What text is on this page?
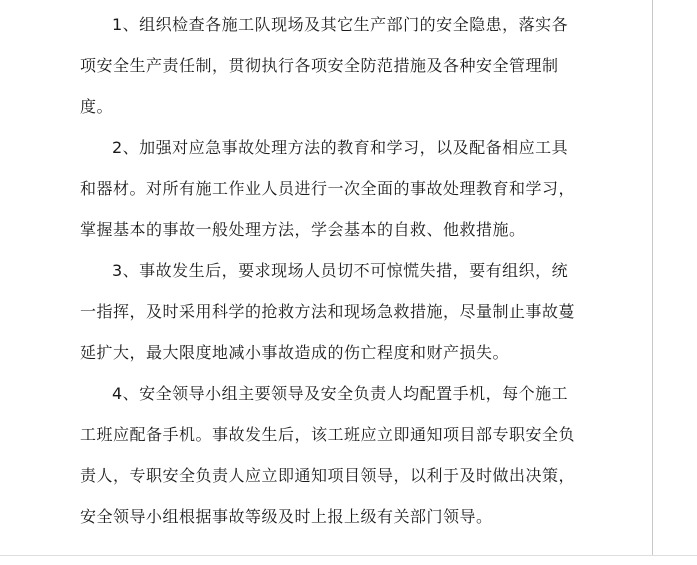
1、组织检查各施工队现场及其它生产部门的安全隐患，落实各
项安全生产责任制，贯彻执行各项安全防范措施及各种安全管理制
度。

2、加强对应急事故处理方法的教育和学习，以及配备相应工具
和器材。对所有施工作业人员进行一次全面的事故处理教育和学习，
掌握基本的事故一般处理方法，学会基本的自救、他救措施。

3、事故发生后，要求现场人员切不可惊慌失措，要有组织，统
一指挥，及时采用科学的抢救方法和现场急救措施，尽量制止事故蔓
延扩大，最大限度地减小事故造成的伤亡程度和财产损失。

4、安全领导小组主要领导及安全负责人均配置手机，每个施工
工班应配备手机。事故发生后，该工班应立即通知项目部专职安全负
责人，专职安全负责人应立即通知项目领导，以利于及时做出决策，
安全领导小组根据事故等级及时上报上级有关部门领导。
